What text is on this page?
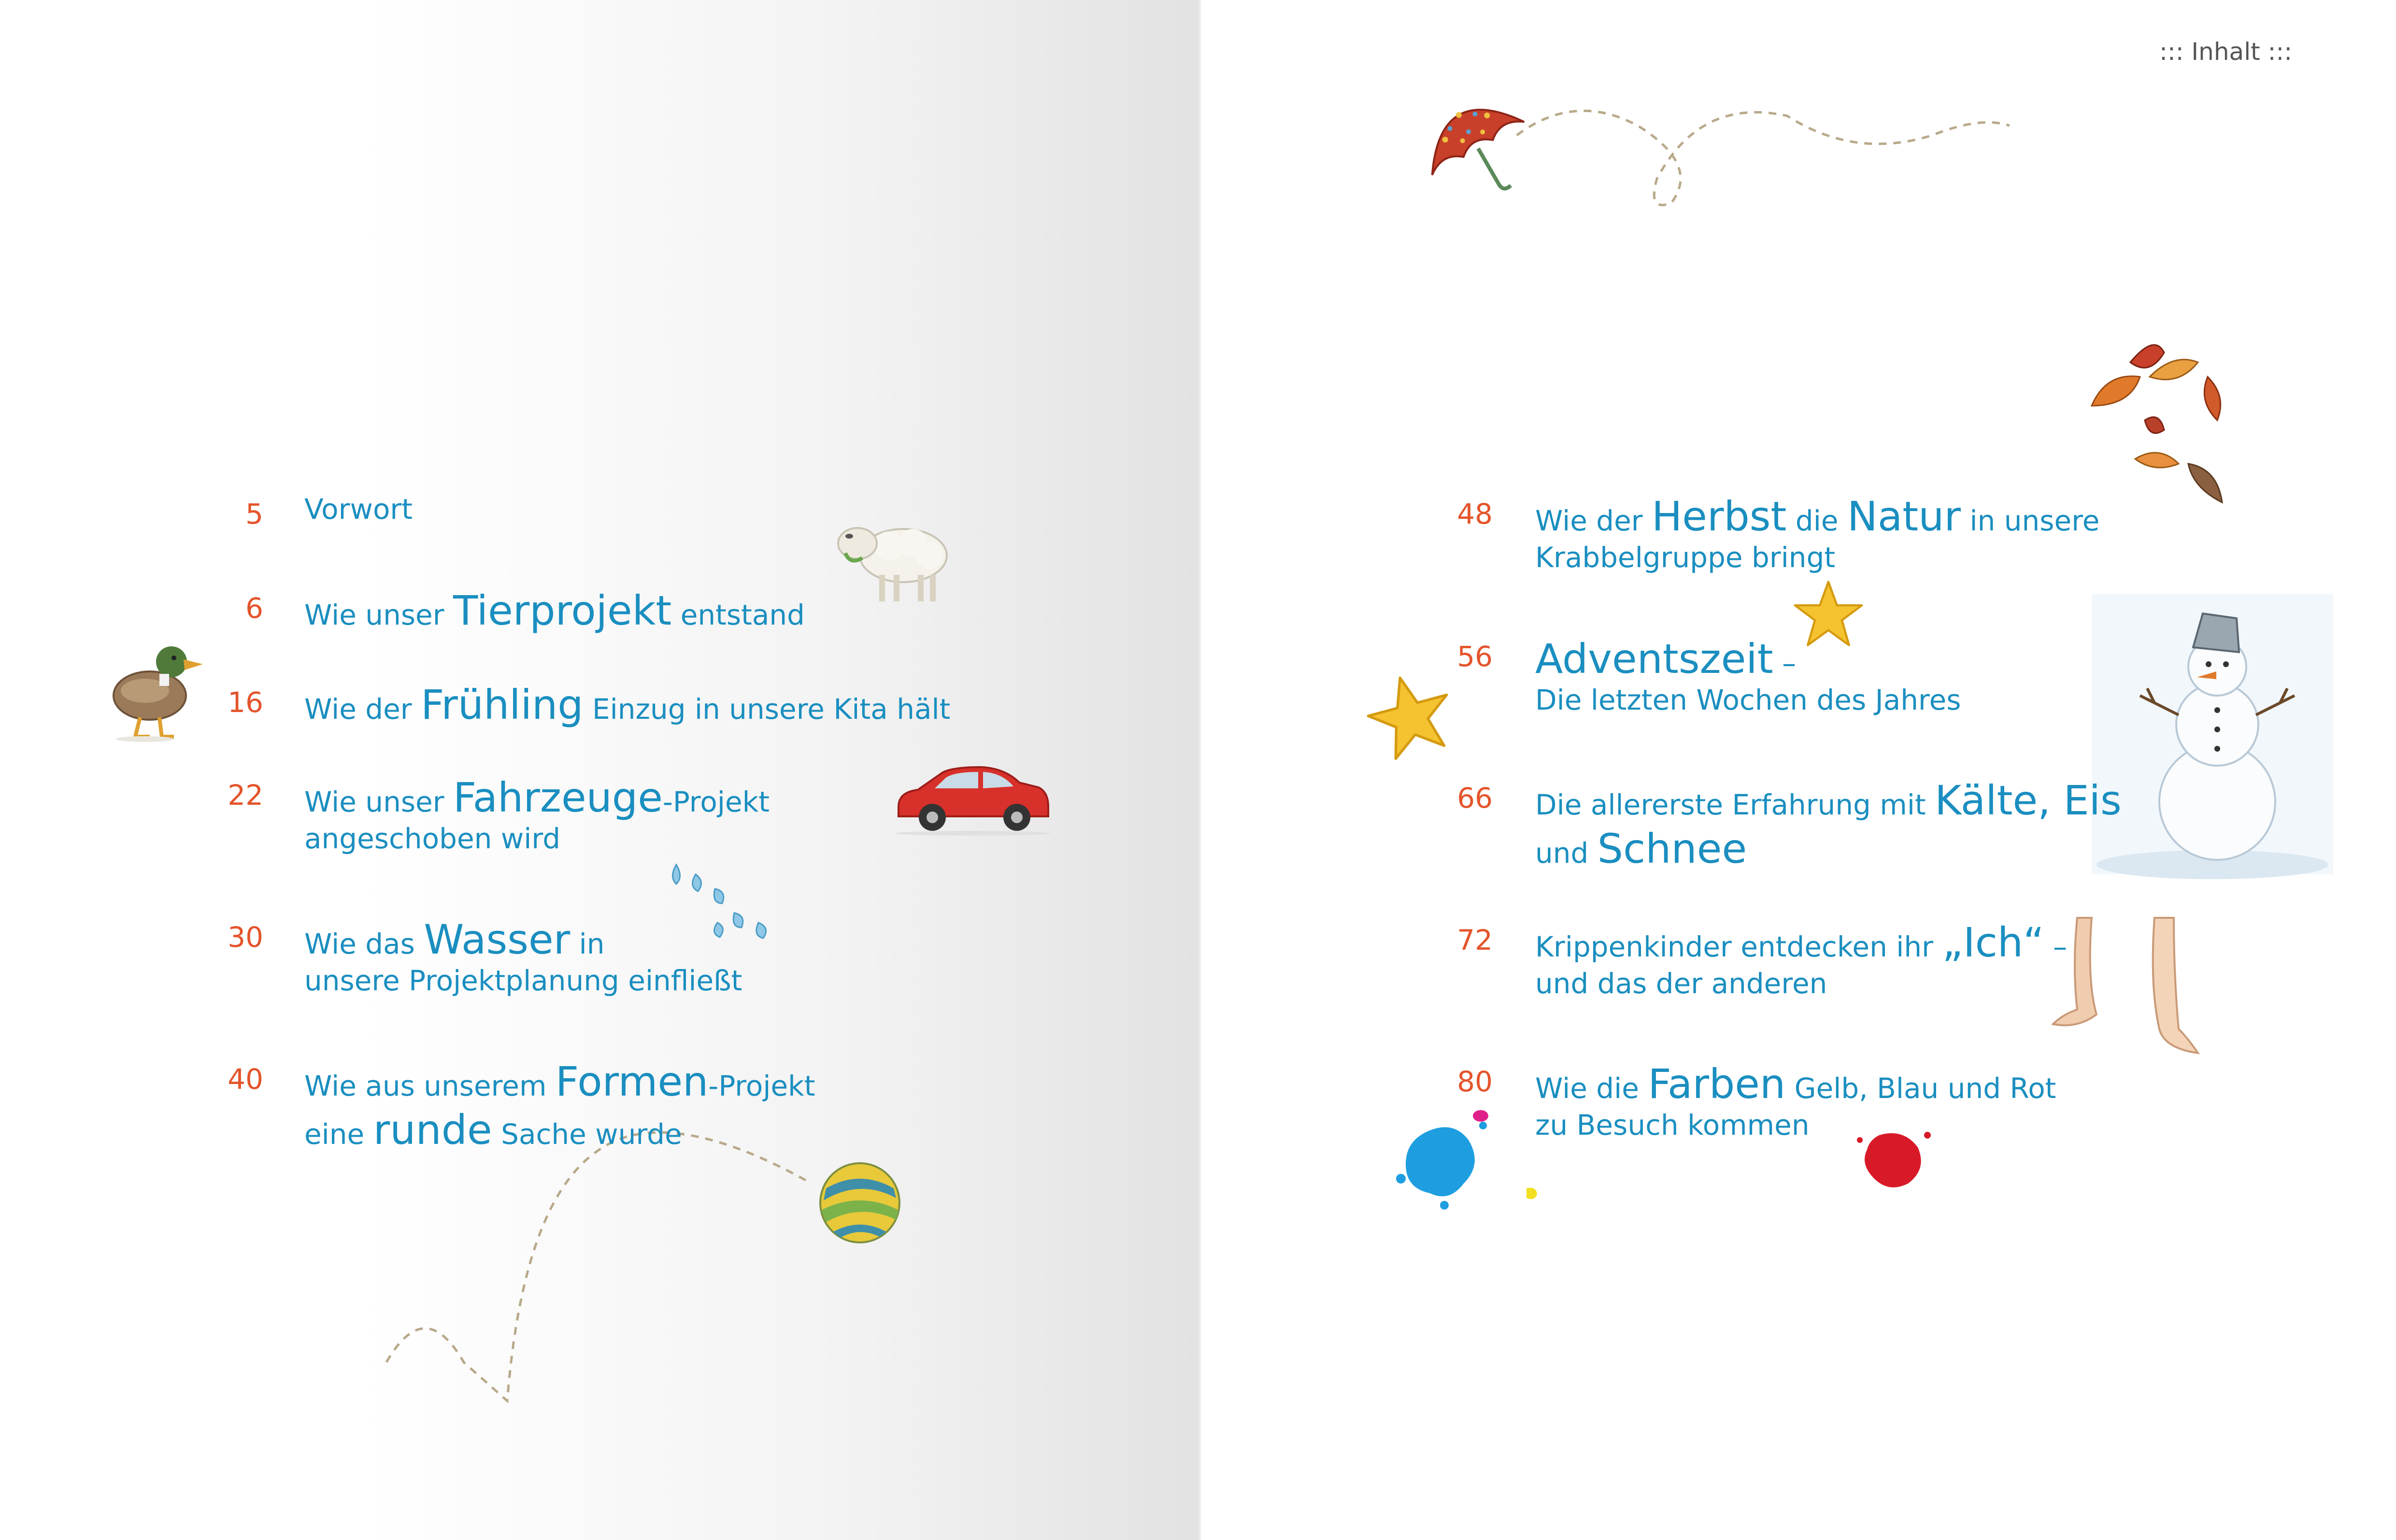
::: Inhalt :::
5 Vorwort
6 Wie unser Tierprojekt entstand
16 Wie der Frühling Einzug in unsere Kita hält
22 Wie unser Fahrzeuge-Projekt
angeschoben wird
30 Wie das Wasser in
unsere Projektplanung einfließt
40 Wie aus unserem Formen-Projekt
eine runde Sache wurde
48 Wie der Herbst die Natur in unsere
Krabbelgruppe bringt
56 Adventszeit –
Die letzten Wochen des Jahres
66 Die allererste Erfahrung mit Kälte, Eis
und Schnee
72 Krippenkinder entdecken ihr „Ich“ –
und das der anderen
80 Wie die Farben Gelb, Blau und Rot
zu Besuch kommen
